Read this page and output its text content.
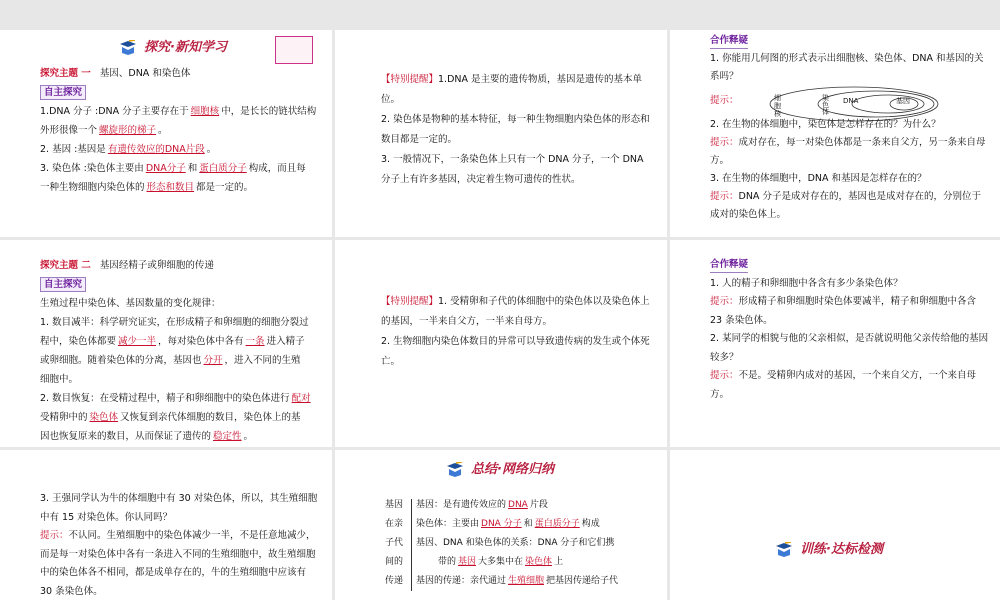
探究·新知学习

探究主题 一 基因、DNA 和染色体

自主探究

1.DNA 分子 :DNA 分子主要存在于 细胞核 中，是长长的链状结构

外形很像一个 螺旋形的梯子 。

2. 基因 :基因是 有遗传效应的DNA片段 。

3. 染色体 :染色体主要由 DNA分子 和 蛋白质分子 构成，而且每

一种生物细胞内染色体的 形态和数目 都是一定的。

【特别提醒】1.DNA 是主要的遗传物质，基因是遗传的基本单位。

2. 染色体是物种的基本特征，每一种生物细胞内染色体的形态和数目都是一定的。

3. 一般情况下，一条染色体上只有一个 DNA 分子，一个 DNA 分子上有许多基因，决定着生物可遗传的性状。

合作释疑

1. 你能用几何图的形式表示出细胞核、染色体、DNA 和基因的关系吗？

提示：	细胞核
染色体
DNA	基因

2. 在生物的体细胞中，染色体是怎样存在的？为什么？

提示：成对存在，每一对染色体都是一条来自父方，另一条来自母方。

3. 在生物的体细胞中，DNA 和基因是怎样存在的？

提示：DNA 分子是成对存在的，基因也是成对存在的，分别位于成对的染色体上。

探究主题 二 基因经精子或卵细胞的传递

自主探究

生殖过程中染色体、基因数量的变化规律：

1. 数目减半：科学研究证实，在形成精子和卵细胞的细胞分裂过

程中，染色体都要 减少一半 ，每对染色体中各有 一条 进入精子

或卵细胞。随着染色体的分离，基因也 分开 ，进入不同的生殖

细胞中。

2. 数目恢复：在受精过程中，精子和卵细胞中的染色体进行 配对

受精卵中的 染色体 又恢复到亲代体细胞的数目，染色体上的基

因也恢复原来的数目，从而保证了遗传的 稳定性 。

【特别提醒】1. 受精卵和子代的体细胞中的染色体以及染色体上的基因，一半来自父方，一半来自母方。

2. 生物细胞内染色体数目的异常可以导致遗传病的发生或个体死亡。

合作释疑

1. 人的精子和卵细胞中各含有多少条染色体？

提示：形成精子和卵细胞时染色体要减半，精子和卵细胞中各含 23 条染色体。

2. 某同学的相貌与他的父亲相似，是否就说明他父亲传给他的基因较多？

提示：不是。受精卵内成对的基因，一个来自父方，一个来自母方。

3. 王强同学认为牛的体细胞中有 30 对染色体，所以，其生殖细胞中有 15 对染色体。你认同吗？

提示：不认同。生殖细胞中的染色体减少一半，不是任意地减少，而是每一对染色体中各有一条进入不同的生殖细胞中，故生殖细胞中的染色体各不相同，都是成单存在的，牛的生殖细胞中应该有 30 条染色体。

总结·网络归纳

基因

在亲

子代

间的

传递

基因：是有遗传效应的 DNA 片段

染色体：主要由 DNA 分子 和 蛋白质分子 构成

基因、DNA 和染色体的关系：DNA 分子和它们携

带的 基因 大多集中在 染色体 上

基因的传递：亲代通过 生殖细胞 把基因传递给子代

训练·达标检测
